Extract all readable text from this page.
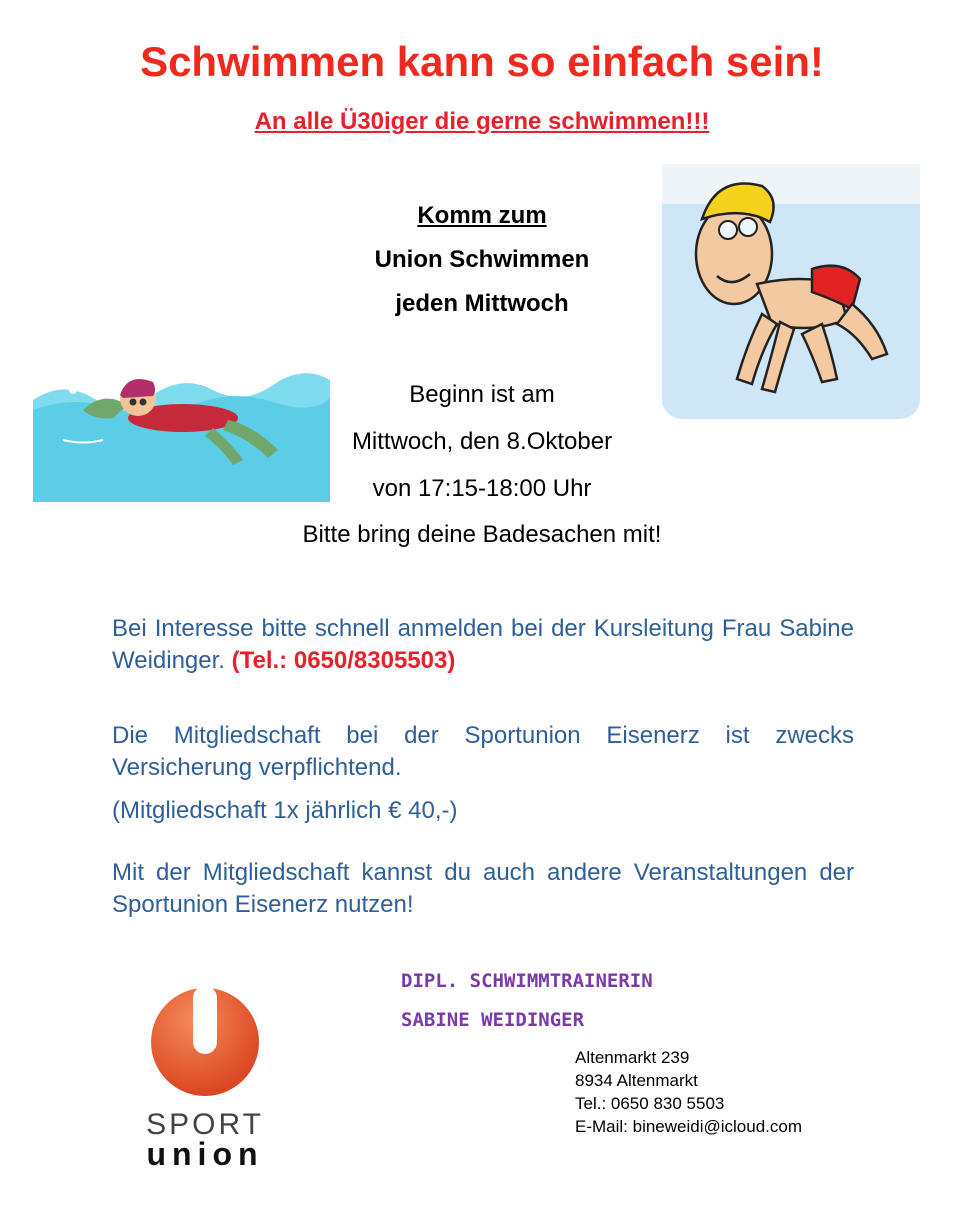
Schwimmen kann so einfach sein!
An alle Ü30iger die gerne schwimmen!!!
Komm zum
Union Schwimmen
jeden Mittwoch
Beginn ist am
Mittwoch, den 8.Oktober
von 17:15-18:00 Uhr
Bitte bring deine Badesachen mit!
Bei Interesse bitte schnell anmelden bei der Kursleitung Frau Sabine Weidinger. (Tel.: 0650/8305503)
Die Mitgliedschaft bei der Sportunion Eisenerz ist zwecks Versicherung verpflichtend.
(Mitgliedschaft 1x jährlich € 40,-)
Mit der Mitgliedschaft kannst du auch andere Veranstaltungen der Sportunion Eisenerz nutzen!
DIPL. SCHWIMMTRAINERIN
SABINE WEIDINGER
Altenmarkt 239
8934 Altenmarkt
Tel.: 0650 830 5503
E-Mail: bineweidi@icloud.com
SPORT
union
